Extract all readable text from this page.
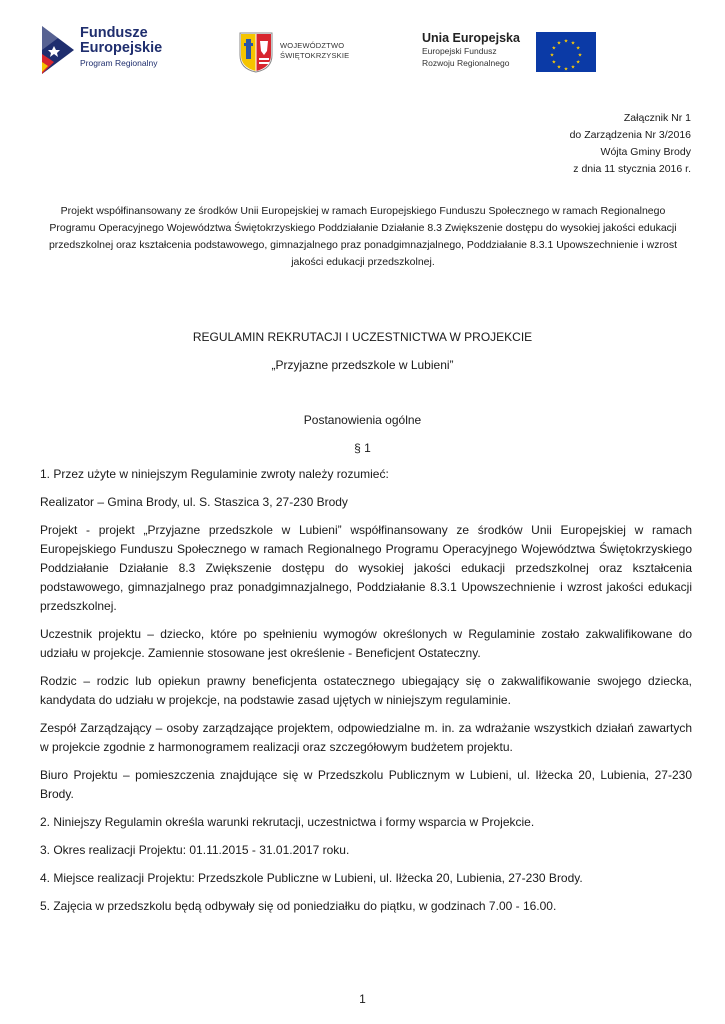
Fundusze
Europejskie
Program Regionalny
WOJEWÓDZTWO
ŚWIĘTOKRZYSKIE
Unia Europejska
Europejski Fundusz
Rozwoju Regionalnego
★ ★
★
★
★
★
★
★
★
★
★
★
Załącznik Nr 1
do Zarządzenia Nr 3/2016
Wójta Gminy Brody
z dnia 11 stycznia 2016 r.
Projekt współfinansowany ze środków Unii Europejskiej w ramach Europejskiego Funduszu Społecznego w ramach Regionalnego Programu Operacyjnego Województwa Świętokrzyskiego Poddziałanie Działanie 8.3 Zwiększenie dostępu do wysokiej jakości edukacji przedszkolnej oraz kształcenia podstawowego, gimnazjalnego praz ponadgimnazjalnego, Poddziałanie 8.3.1 Upowszechnienie i wzrost jakości edukacji przedszkolnej.
REGULAMIN REKRUTACJI I UCZESTNICTWA W PROJEKCIE
„Przyjazne przedszkole w Lubieni”
Postanowienia ogólne
§ 1

1. Przez użyte w niniejszym Regulaminie zwroty należy rozumieć:

Realizator – Gmina Brody, ul. S. Staszica 3, 27-230 Brody

Projekt - projekt „Przyjazne przedszkole w Lubieni” współfinansowany ze środków Unii Europejskiej w ramach Europejskiego Funduszu Społecznego w ramach Regionalnego Programu Operacyjnego Województwa Świętokrzyskiego Poddziałanie Działanie 8.3 Zwiększenie dostępu do wysokiej jakości edukacji przedszkolnej oraz kształcenia podstawowego, gimnazjalnego praz ponadgimnazjalnego, Poddziałanie 8.3.1 Upowszechnienie i wzrost jakości edukacji przedszkolnej.

Uczestnik projektu – dziecko, które po spełnieniu wymogów określonych w Regulaminie zostało zakwalifikowane do udziału w projekcje. Zamiennie stosowane jest określenie - Beneficjent Ostateczny.

Rodzic – rodzic lub opiekun prawny beneficjenta ostatecznego ubiegający się o zakwalifikowanie swojego dziecka, kandydata do udziału w projekcje, na podstawie zasad ujętych w niniejszym regulaminie.

Zespół Zarządzający – osoby zarządzające projektem, odpowiedzialne m. in. za wdrażanie wszystkich działań zawartych w projekcie zgodnie z harmonogramem realizacji oraz szczegółowym budżetem projektu.

Biuro Projektu – pomieszczenia znajdujące się w Przedszkolu Publicznym w Lubieni, ul. Iłżecka 20, Lubienia, 27-230 Brody.

2. Niniejszy Regulamin określa warunki rekrutacji, uczestnictwa i formy wsparcia w Projekcie.

3. Okres realizacji Projektu: 01.11.2015 - 31.01.2017 roku.

4. Miejsce realizacji Projektu: Przedszkole Publiczne w Lubieni, ul. Iłżecka 20, Lubienia, 27-230 Brody.

5. Zajęcia w przedszkolu będą odbywały się od poniedziałku do piątku, w godzinach 7.00 - 16.00.

1
